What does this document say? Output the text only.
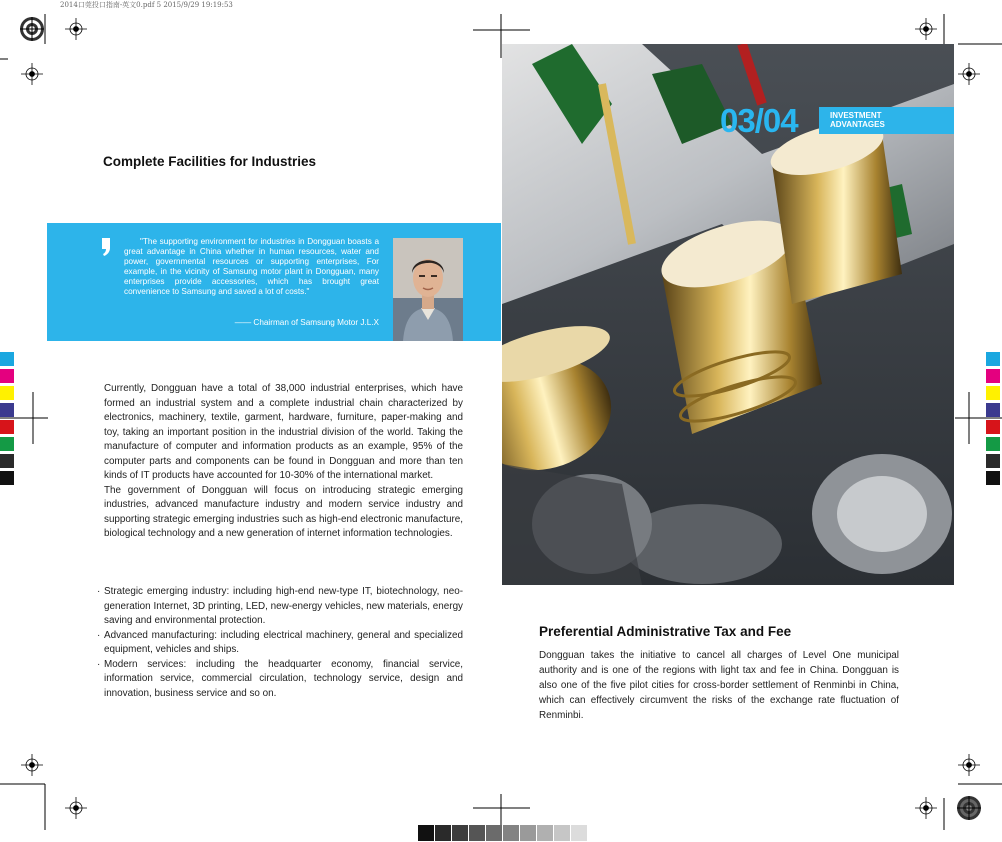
2014口莞投口指南-英文0.pdf 5 2015/9/29 19:19:53
Complete Facilities for Industries
"The supporting environment for industries in Dongguan boasts a great advantage in China whether in human resources, water and power, governmental resources or supporting enterprises, For example, in the vicinity of Samsung motor plant in Dongguan, many enterprises provide accessories, which has brought great convenience to Samsung and saved a lot of costs."
—— Chairman of Samsung Motor J.L.X

Currently, Dongguan have a total of 38,000 industrial enterprises, which have formed an industrial system and a complete industrial chain characterized by electronics, machinery, textile, garment, hardware, furniture, paper-making and toy, taking an important position in the industrial division of the world. Taking the manufacture of computer and information products as an example, 95% of the computer parts and components can be found in Dongguan and more than ten kinds of IT products have accounted for 10-30% of the international market.

The government of Dongguan will focus on introducing strategic emerging industries, advanced manufacture industry and modern service industry and supporting strategic emerging industries such as high-end electronic manufacture, biological technology and a new generation of internet information technologies.

· Strategic emerging industry: including high-end new-type IT, biotechnology, neo-generation Internet, 3D printing, LED, new-energy vehicles, new materials, energy saving and environmental protection.
· Advanced manufacturing: including electrical machinery, general and specialized equipment, vehicles and ships.
· Modern services: including the headquarter economy, financial service, information service, commercial circulation, technology service, design and innovation, business service and so on.
03/04	INVESTMENT
ADVANTAGES
Preferential Administrative Tax and Fee
Dongguan takes the initiative to cancel all charges of Level One municipal authority and is one of the regions with light tax and fee in China. Dongguan is also one of the five pilot cities for cross-border settlement of Renminbi in China, which can effectively circumvent the risks of the exchange rate fluctuation of Renminbi.
